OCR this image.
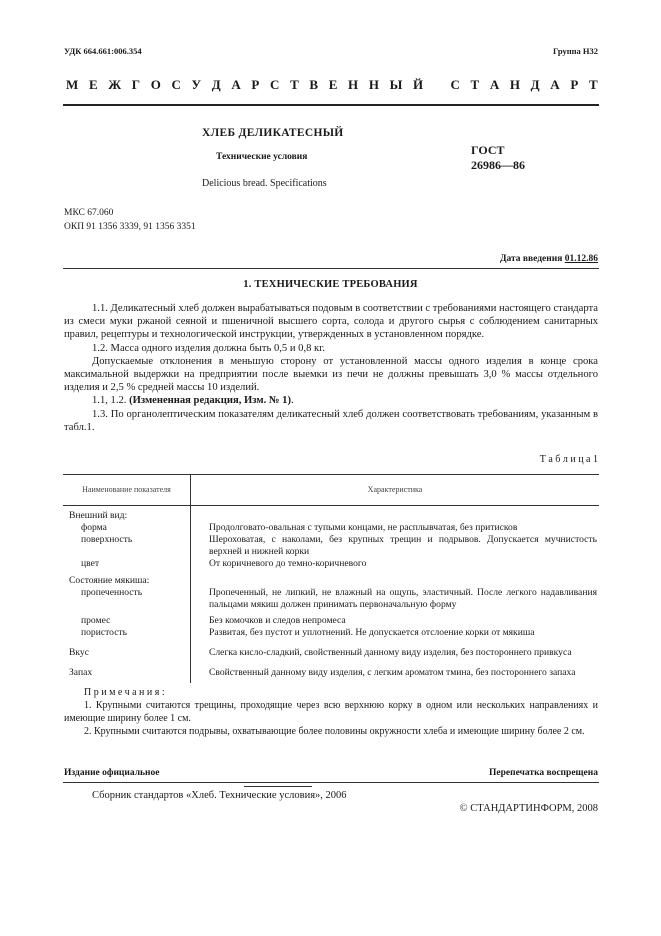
УДК 664.661:006.354	Группа Н32
М Е Ж Г О С У Д А Р С Т В Е Н Н Ы Й С Т А Н Д А Р Т
ХЛЕБ ДЕЛИКАТЕСНЫЙ
Технические условия
Delicious bread. Specifications
ГОСТ
26986—86
МКС 67.060
ОКП 91 1356 3339, 91 1356 3351
Дата введения 01.12.86
1. ТЕХНИЧЕСКИЕ ТРЕБОВАНИЯ

1.1. Деликатесный хлеб должен вырабатываться подовым в соответствии с требованиями настоящего стандарта из смеси муки ржаной сеяной и пшеничной высшего сорта, солода и другого сырья с соблюдением санитарных правил, рецептуры и технологической инструкции, утвержденных в установленном порядке.

1.2. Масса одного изделия должна быть 0,5 и 0,8 кг.

Допускаемые отклонения в меньшую сторону от установленной массы одного изделия в конце срока максимальной выдержки на предприятии после выемки из печи не должны превышать 3,0 % массы отдельного изделия и 2,5 % средней массы 10 изделий.

1.1, 1.2. (Измененная редакция, Изм. № 1).

1.3. По органолептическим показателям деликатесный хлеб должен соответствовать требованиям, указанным в табл.1.

Т а б л и ц а 1
Наименование показателя	Характеристика

Внешний вид:	

форма	Продолговато-овальная с тупыми концами, не расплывчатая, без притисков

поверхность	Шероховатая, с наколами, без крупных трещин и подрывов. Допускается мучнистость верхней и нижней корки

цвет	От коричневого до темно-коричневого
Состояние мякиша:	

пропеченность	Пропеченный, не липкий, не влажный на ощупь, эластичный. После легкого надавливания пальцами мякиш должен принимать первоначальную форму

промес	Без комочков и следов непромеса

пористость	Развитая, без пустот и уплотнений. Не допускается отслоение корки от мякиша
Вкус	Слегка кисло-сладкий, свойственный данному виду изделия, без постороннего привкуса
Запах	Свойственный данному виду изделия, с легким ароматом тмина, без постороннего запаха
Примечания:

1. Крупными считаются трещины, проходящие через всю верхнюю корку в одном или нескольких направлениях и имеющие ширину более 1 см.

2. Крупными считаются подрывы, охватывающие более половины окружности хлеба и имеющие ширину более 2 см.

Издание официальное	Перепечатка воспрещена
Сборник стандартов «Хлеб. Технические условия», 2006
© СТАНДАРТИНФОРМ, 2008
